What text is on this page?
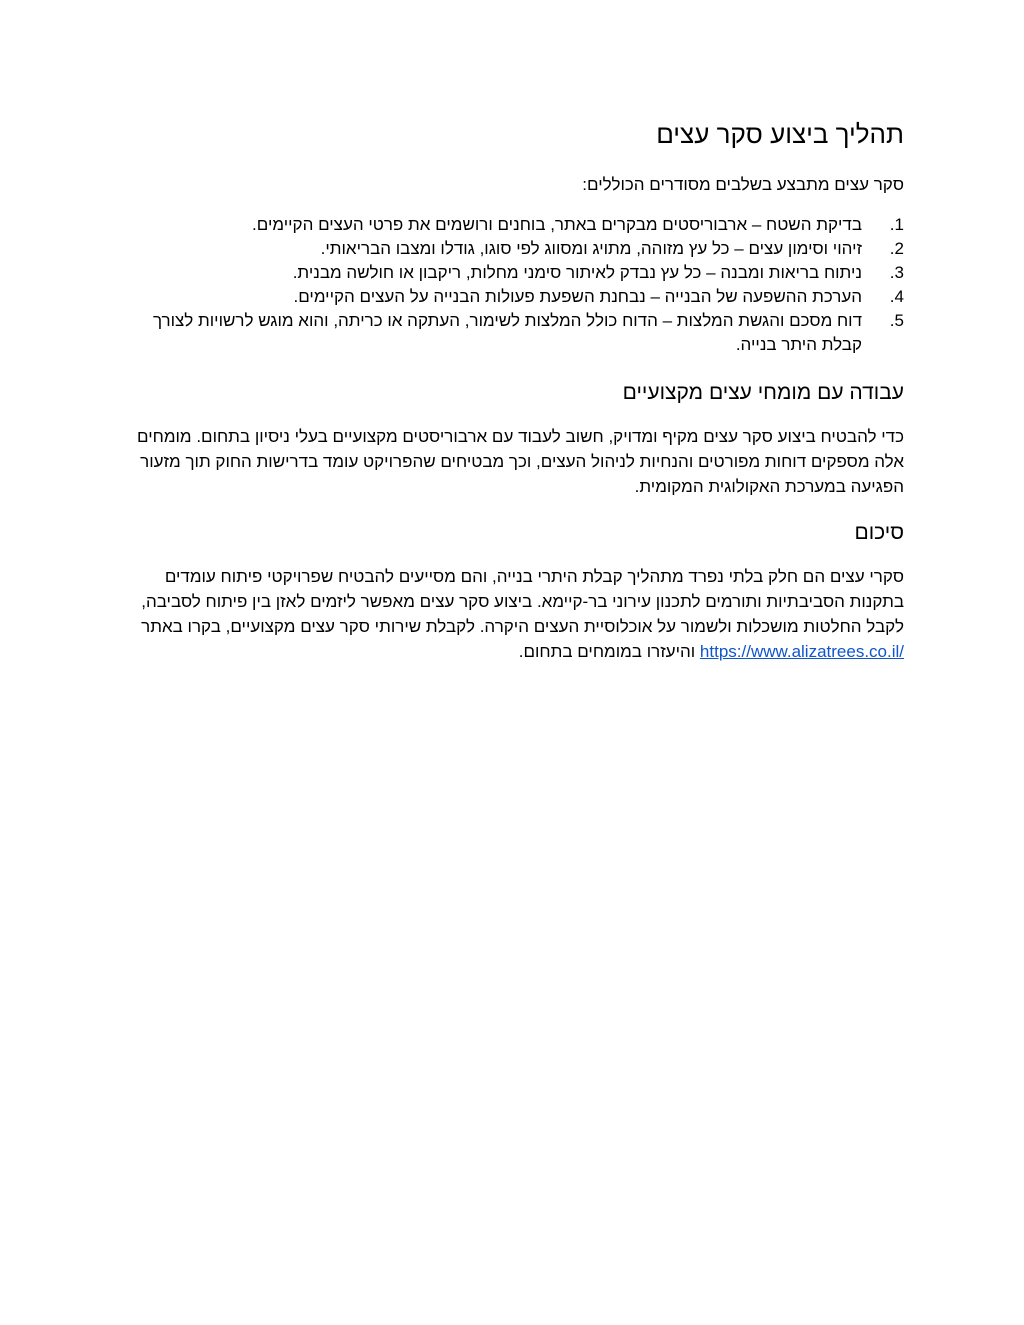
תהליך ביצוע סקר עצים

סקר עצים מתבצע בשלבים מסודרים הכוללים:

1.
בדיקת השטח – ארבוריסטים מבקרים באתר, בוחנים ורושמים את פרטי העצים הקיימים.
2.
זיהוי וסימון עצים – כל עץ מזוהה, מתויג ומסווג לפי סוגו, גודלו ומצבו הבריאותי.
3.
ניתוח בריאות ומבנה – כל עץ נבדק לאיתור סימני מחלות, ריקבון או חולשה מבנית.
4.
הערכת ההשפעה של הבנייה – נבחנת השפעת פעולות הבנייה על העצים הקיימים.
5.
דוח מסכם והגשת המלצות – הדוח כולל המלצות לשימור, העתקה או כריתה, והוא מוגש לרשויות לצורך קבלת היתר בנייה.
עבודה עם מומחי עצים מקצועיים

כדי להבטיח ביצוע סקר עצים מקיף ומדויק, חשוב לעבוד עם ארבוריסטים מקצועיים בעלי ניסיון בתחום. מומחים אלה מספקים דוחות מפורטים והנחיות לניהול העצים, וכך מבטיחים שהפרויקט עומד בדרישות החוק תוך מזעור הפגיעה במערכת האקולוגית המקומית.

סיכום

סקרי עצים הם חלק בלתי נפרד מתהליך קבלת היתרי בנייה, והם מסייעים להבטיח שפרויקטי פיתוח עומדים בתקנות הסביבתיות ותורמים לתכנון עירוני בר-קיימא. ביצוע סקר עצים מאפשר ליזמים לאזן בין פיתוח לסביבה, לקבל החלטות מושכלות ולשמור על אוכלוסיית העצים היקרה. לקבלת שירותי סקר עצים מקצועיים, בקרו באתר https://www.alizatrees.co.il/ והיעזרו במומחים בתחום.
